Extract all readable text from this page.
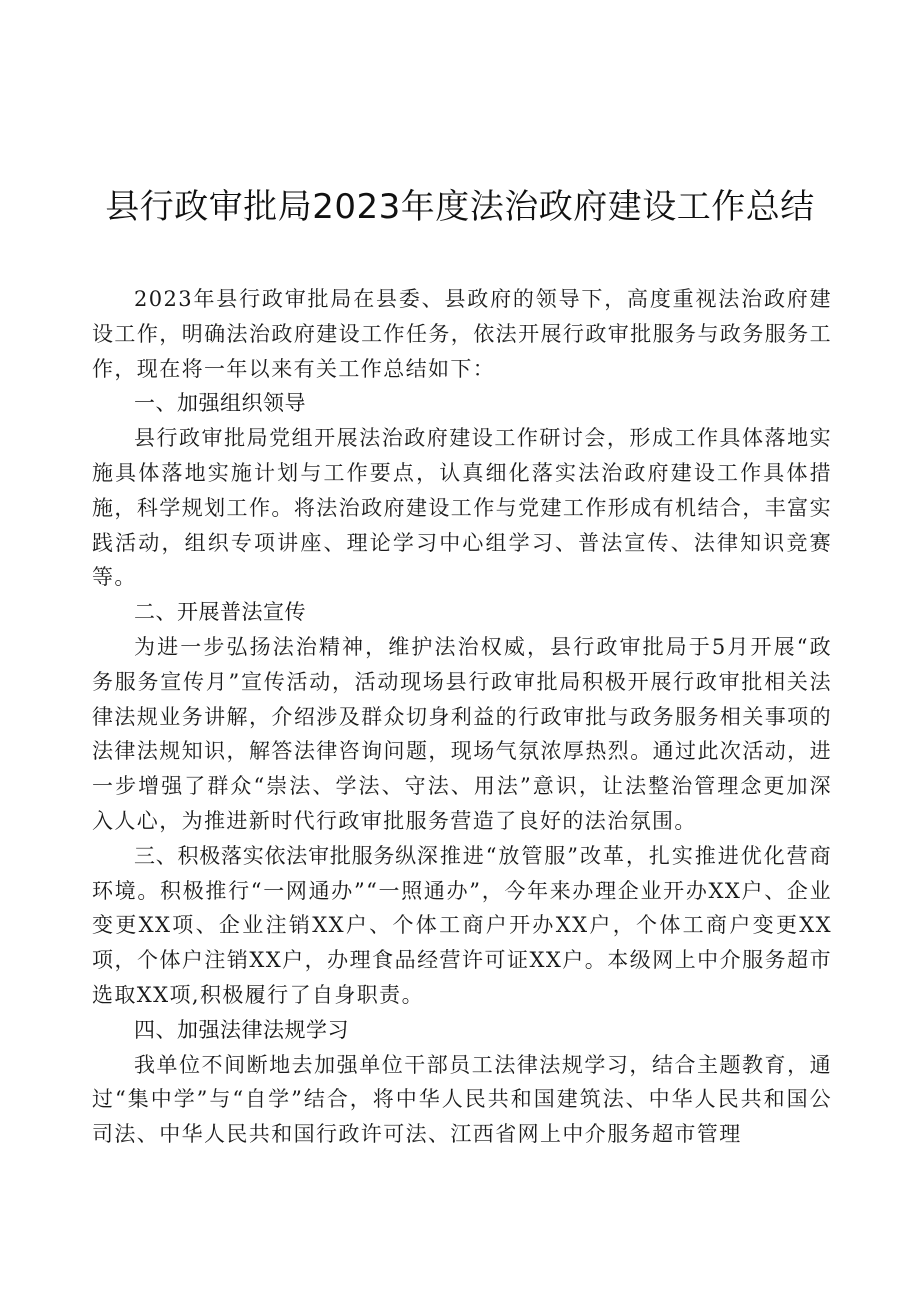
县行政审批局2023年度法治政府建设工作总结

2023年县行政审批局在县委、县政府的领导下，高度重视法治政府建设工作，明确法治政府建设工作任务，依法开展行政审批服务与政务服务工作，现在将一年以来有关工作总结如下：

一、加强组织领导

县行政审批局党组开展法治政府建设工作研讨会，形成工作具体落地实施具体落地实施计划与工作要点，认真细化落实法治政府建设工作具体措施，科学规划工作。将法治政府建设工作与党建工作形成有机结合，丰富实践活动，组织专项讲座、理论学习中心组学习、普法宣传、法律知识竞赛等。

二、开展普法宣传

为进一步弘扬法治精神，维护法治权威，县行政审批局于5月开展“政务服务宣传月”宣传活动，活动现场县行政审批局积极开展行政审批相关法律法规业务讲解，介绍涉及群众切身利益的行政审批与政务服务相关事项的法律法规知识，解答法律咨询问题，现场气氛浓厚热烈。通过此次活动，进一步增强了群众“崇法、学法、守法、用法”意识，让法整治管理念更加深入人心，为推进新时代行政审批服务营造了良好的法治氛围。

三、积极落实依法审批服务纵深推进“放管服”改革，扎实推进优化营商环境。积极推行“一网通办”“一照通办”，今年来办理企业开办XX户、企业变更XX项、企业注销XX户、个体工商户开办XX户，个体工商户变更XX项，个体户注销XX户，办理食品经营许可证XX户。本级网上中介服务超市选取XX项,积极履行了自身职责。

四、加强法律法规学习

我单位不间断地去加强单位干部员工法律法规学习，结合主题教育，通过“集中学”与“自学”结合，将中华人民共和国建筑法、中华人民共和国公司法、中华人民共和国行政许可法、江西省网上中介服务超市管理
